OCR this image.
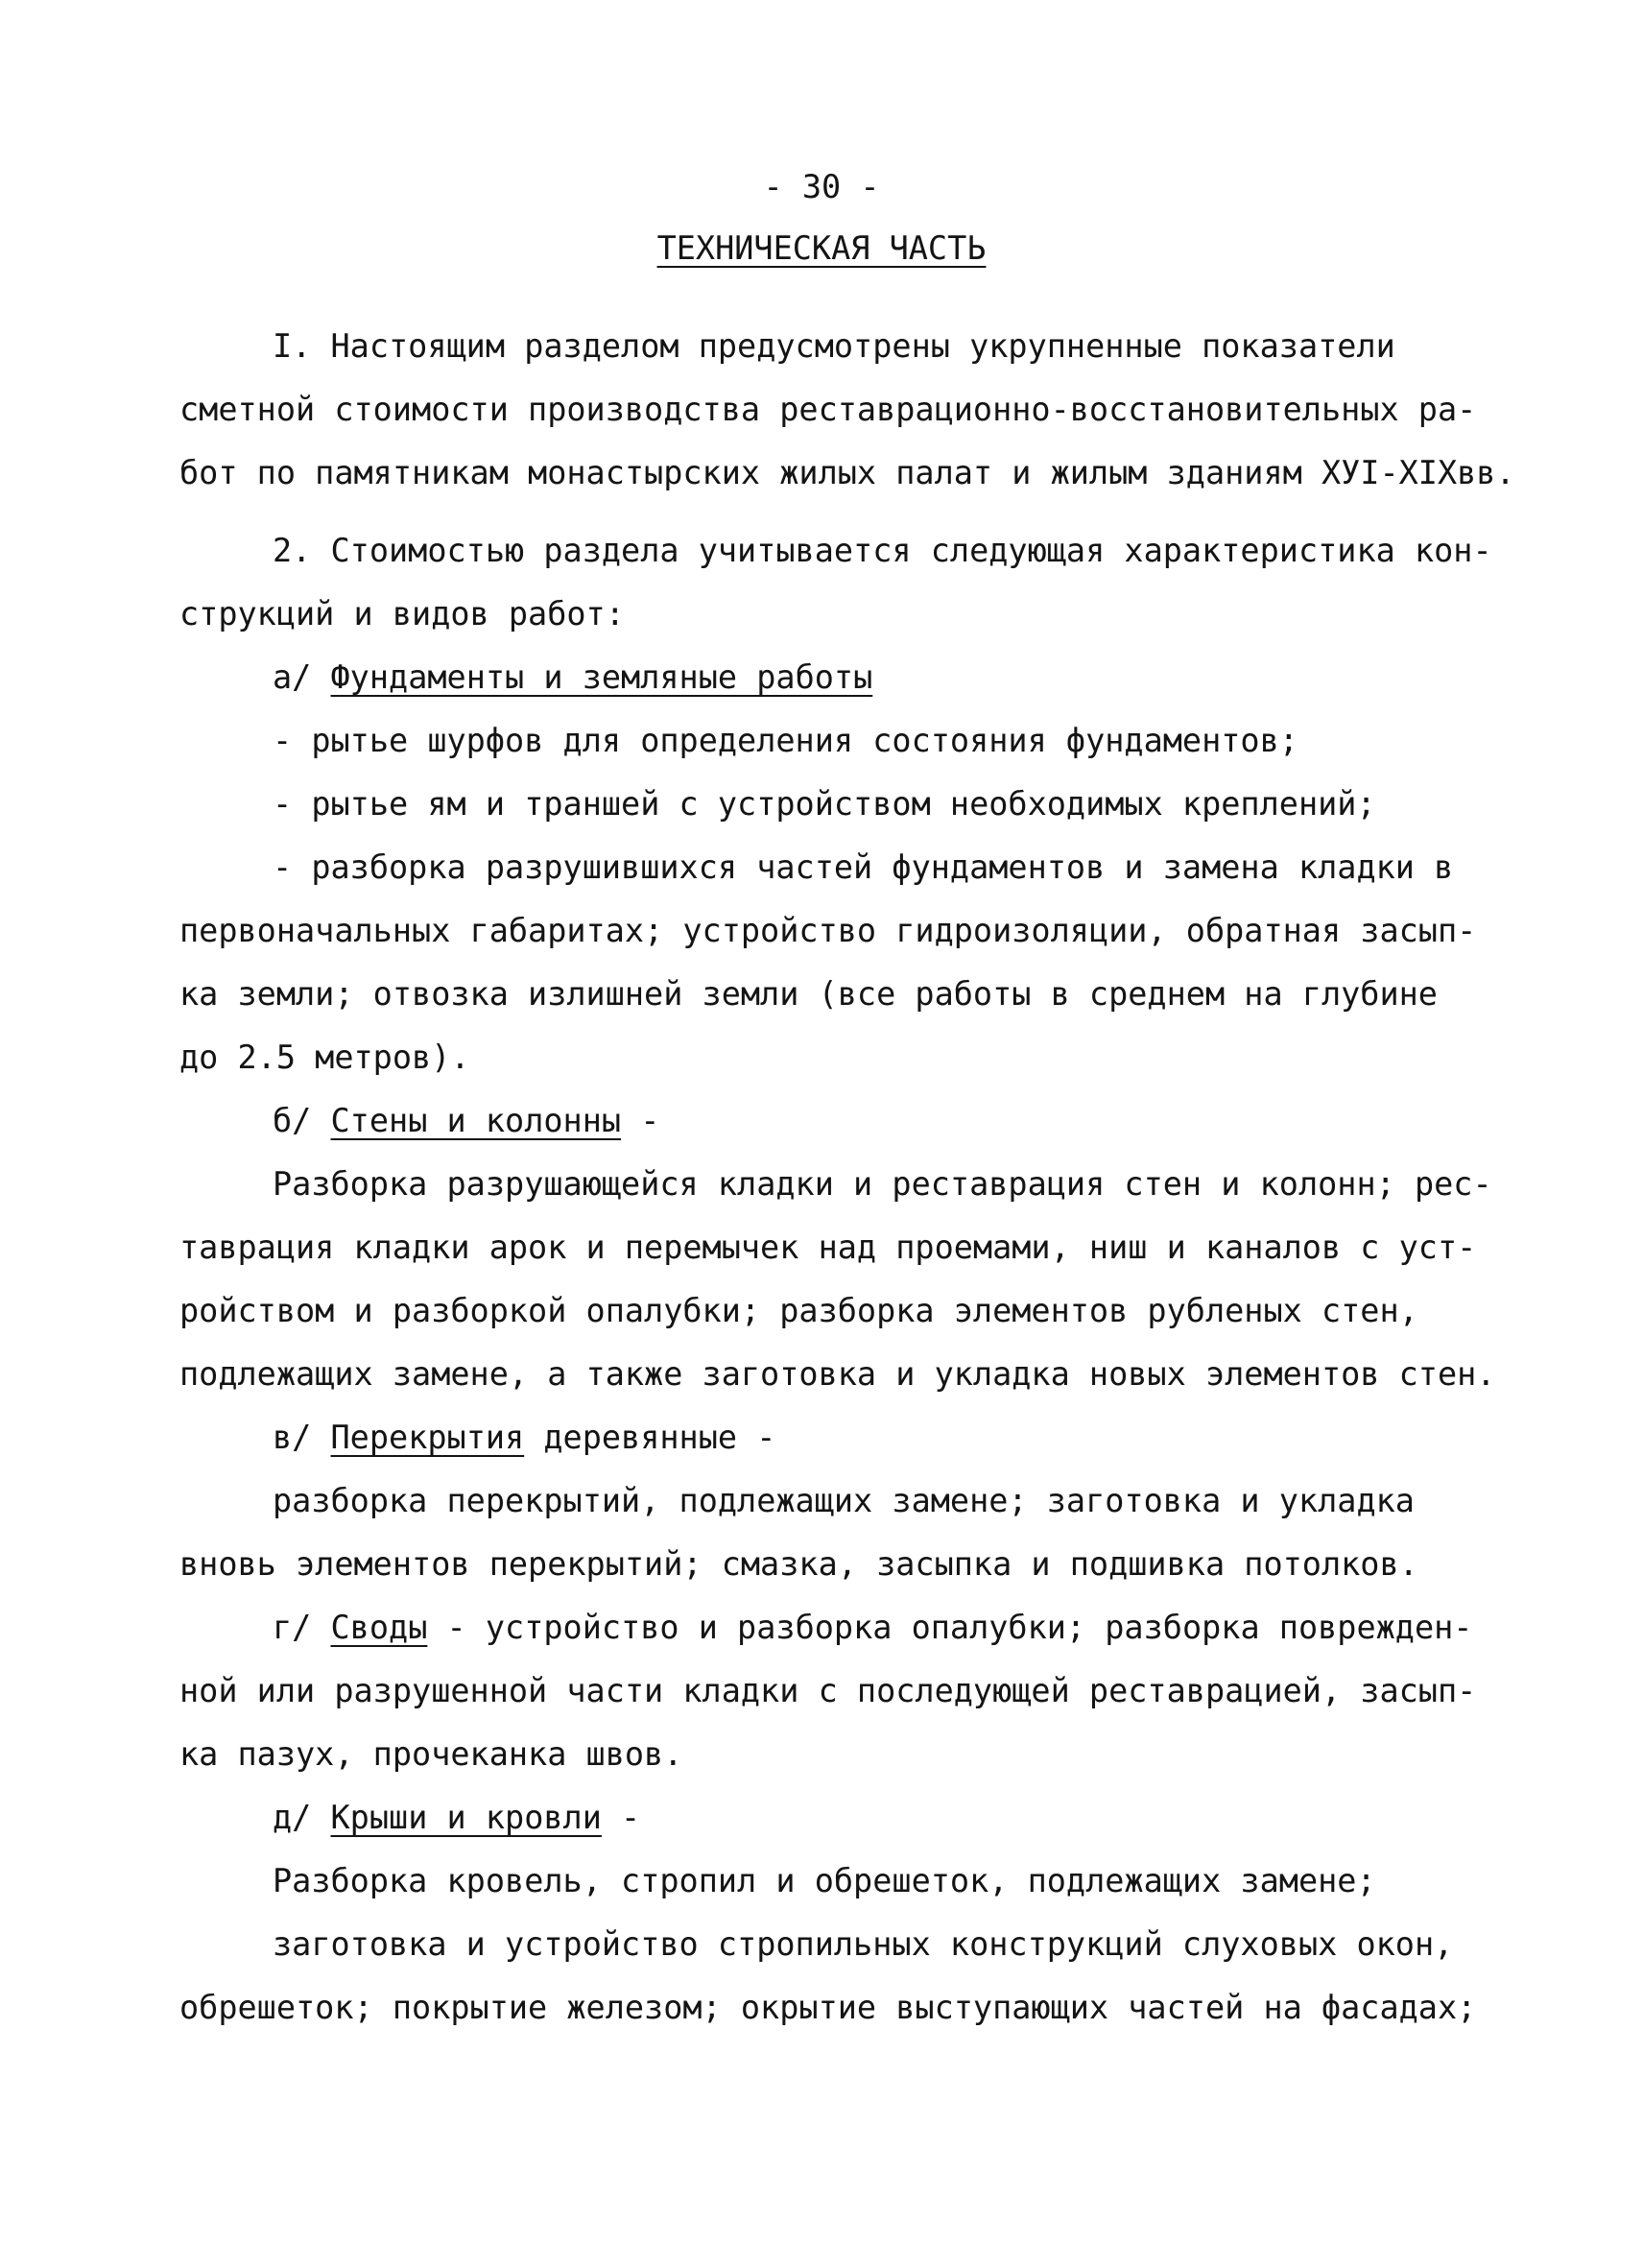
- 30 -
ТЕХНИЧЕСКАЯ ЧАСТЬ
I. Настоящим разделом предусмотрены укрупненные показатели
сметной стоимости производства реставрационно-восстановительных ра-
бот по памятникам монастырских жилых палат и жилым зданиям ХУI-XIXвв.
2. Стоимостью раздела учитывается следующая характеристика кон-
струкций и видов работ:
а/ Фундаменты и земляные работы
- рытье шурфов для определения состояния фундаментов;
- рытье ям и траншей с устройством необходимых креплений;
- разборка разрушившихся частей фундаментов и замена кладки в
первоначальных габаритах; устройство гидроизоляции, обратная засып-
ка земли; отвозка излишней земли (все работы в среднем на глубине
до 2.5 метров).
б/ Стены и колонны -
Разборка разрушающейся кладки и реставрация стен и колонн; рес-
таврация кладки арок и перемычек над проемами, ниш и каналов с уст-
ройством и разборкой опалубки; разборка элементов рубленых стен,
подлежащих замене, а также заготовка и укладка новых элементов стен.
в/ Перекрытия деревянные -
разборка перекрытий, подлежащих замене; заготовка и укладка
вновь элементов перекрытий; смазка, засыпка и подшивка потолков.
г/ Своды - устройство и разборка опалубки; разборка поврежден-
ной или разрушенной части кладки с последующей реставрацией, засып-
ка пазух, прочеканка швов.
д/ Крыши и кровли -
Разборка кровель, стропил и обрешеток, подлежащих замене;
заготовка и устройство стропильных конструкций слуховых окон,
обрешеток; покрытие железом; окрытие выступающих частей на фасадах;
